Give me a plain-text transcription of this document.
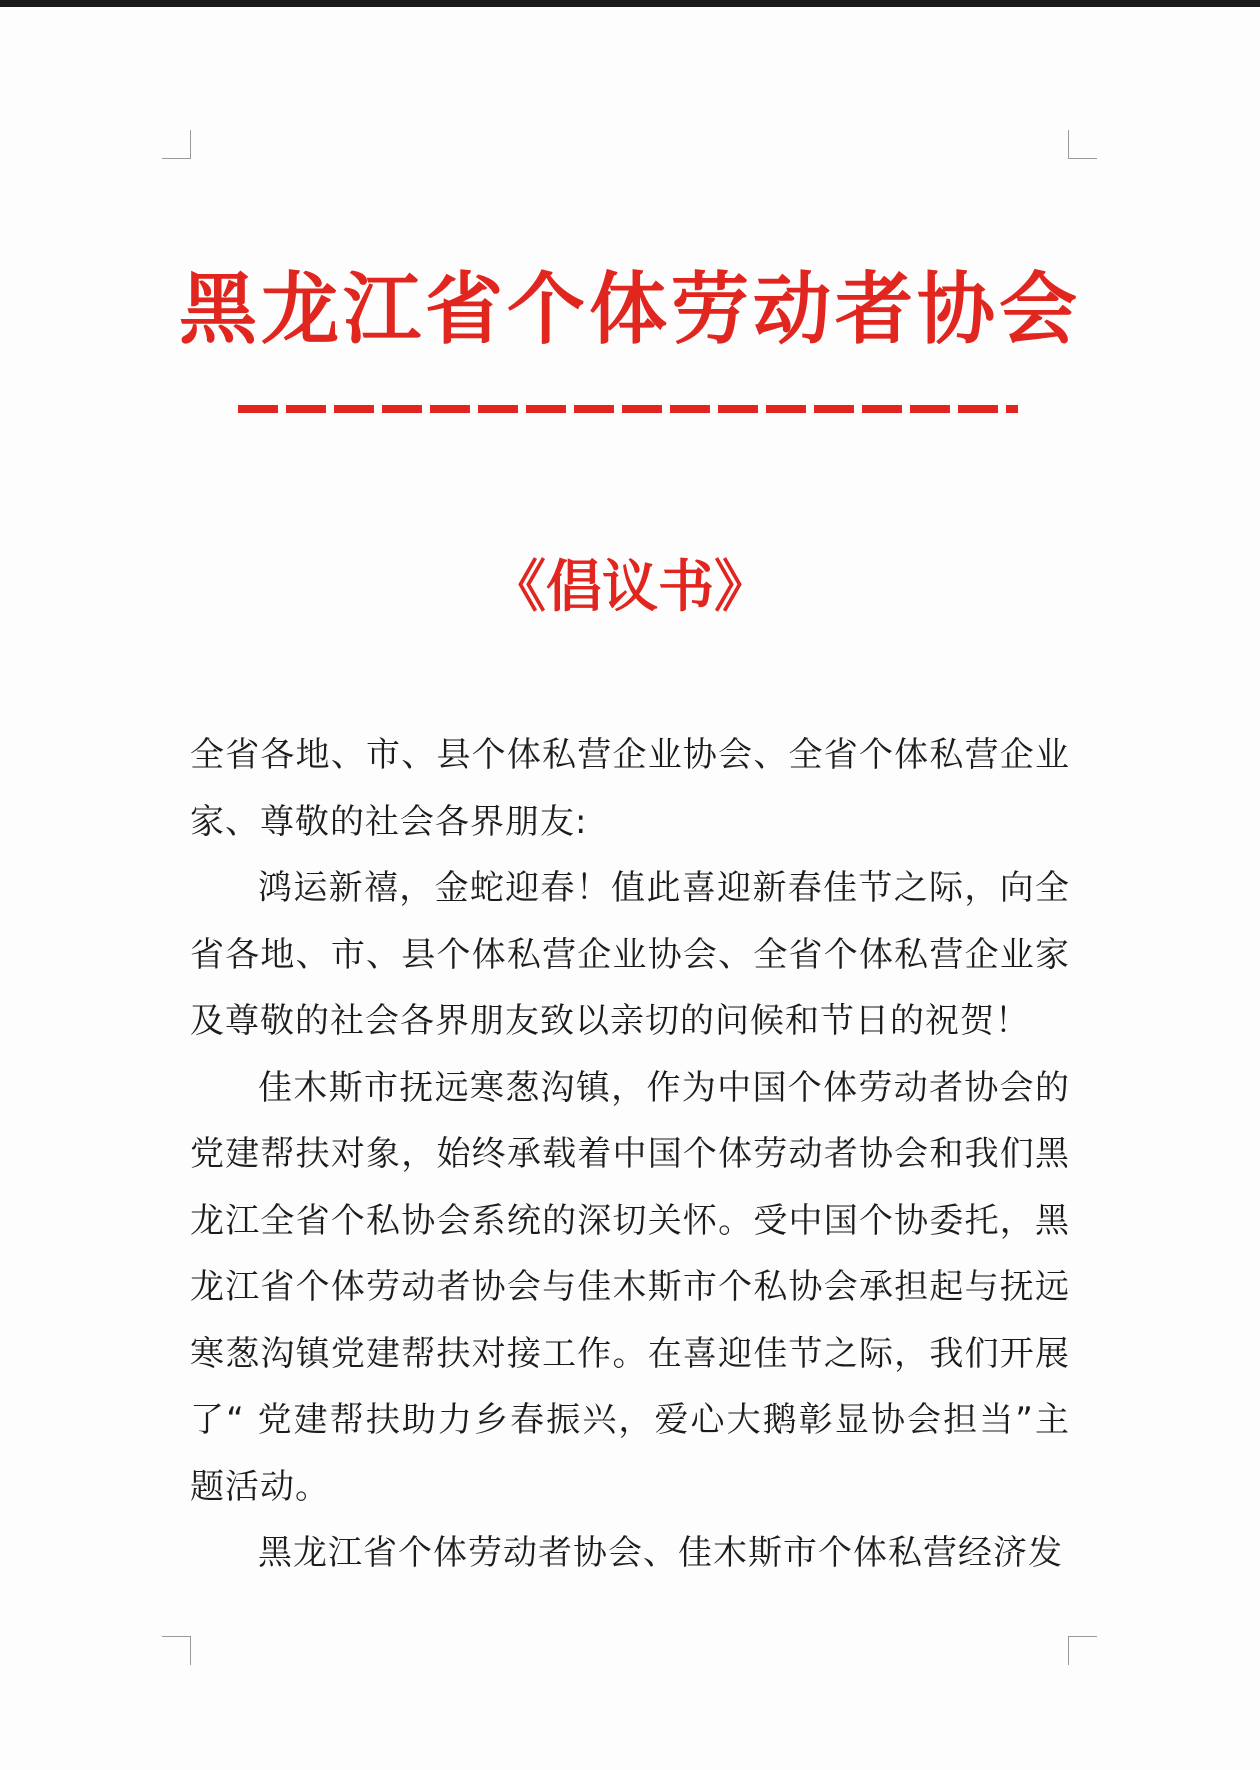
黑龙江省个体劳动者协会
《倡议书》

全省各地、市、县个体私营企业协会、全省个体私营企业家、尊敬的社会各界朋友:

鸿运新禧，金蛇迎春！值此喜迎新春佳节之际，向全省各地、市、县个体私营企业协会、全省个体私营企业家及尊敬的社会各界朋友致以亲切的问候和节日的祝贺！

佳木斯市抚远寒葱沟镇，作为中国个体劳动者协会的党建帮扶对象，始终承载着中国个体劳动者协会和我们黑龙江全省个私协会系统的深切关怀。受中国个协委托，黑龙江省个体劳动者协会与佳木斯市个私协会承担起与抚远寒葱沟镇党建帮扶对接工作。在喜迎佳节之际，我们开展了“ 党建帮扶助力乡春振兴，爱心大鹅彰显协会担当”主题活动。

黑龙江省个体劳动者协会、佳木斯市个体私营经济发
